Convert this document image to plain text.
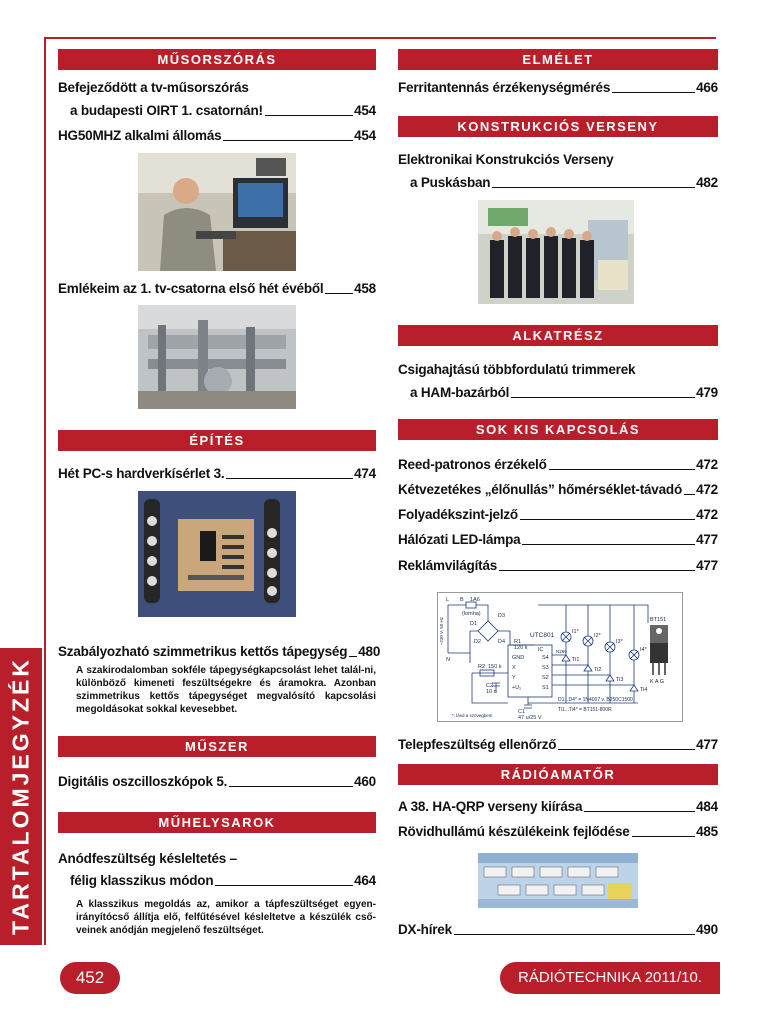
TARTALOMJEGYZÉK
MŰSORSZÓRÁS
Befejeződött a tv-műsorszórás
a budapesti OIRT 1. csatornán!	454
HG50MHZ alkalmi állomás	454
Emlékeim az 1. tv-csatorna első hét évéből 458
ÉPÍTÉS
Hét PC-s hardverkísérlet 3.	474
Szabályozható szimmetrikus kettős tápegység 480
A szakirodalomban sokféle tápegységkapcsolást lehet talál-ni, különböző kimeneti feszültségekre és áramokra. Azonban szimmetrikus kettős tápegységet megvalósító kapcsolási megoldásokat sokkal kevesebbet.
MŰSZER
Digitális oszcilloszkópok 5.	460
MŰHELYSAROK
Anódfeszültség késleltetés –
félig klasszikus módon	464
A klasszikus megoldás az, amikor a tápfeszültséget egyen-irányítócső állítja elő, felfűtésével késleltetve a készülék cső-veinek anódján megjelenő feszültséget.
ELMÉLET
Ferritantennás érzékenységmérés	466
KONSTRUKCIÓS VERSENY
Elektronikai Konstrukciós Verseny
a Puskásban	482
ALKATRÉSZ
Csigahajtású többfordulatú trimmerek
a HAM-bazárból	479
SOK KIS KAPCSOLÁS
Reed-patronos érzékelő	472
Kétvezetékes „élőnullás” hőmérséklet-távadó 472
Folyadékszint-jelző	472
Hálózati LED-lámpa	477
Reklámvilágítás	477
L B 1A6
(lomha)
~230 V, 50 Hz
N
D1
D2
D3
D4
UTC801
IC
R1
120 k
R2 150 k
C2
10 n
C1
47 u/25 V
GND
X
Y
+U₁
S4
S3
S2
S1
N260
Ti1
Ti2
Ti3
Ti4
I1*
I2*
I3*
I4*
BT151
K A G
D1...D4* = 1N4007 v. B250C1500
Ti1...Ti4* = BT151-800R
*: lásd a szövegben!
Telepfeszültség ellenőrző	477
RÁDIÓAMATŐR
A 38. HA-QRP verseny kiírása	484
Rövidhullámú készülékeink fejlődése	485
DX-hírek	490
452	RÁDIÓTECHNIKA 2011/10.
